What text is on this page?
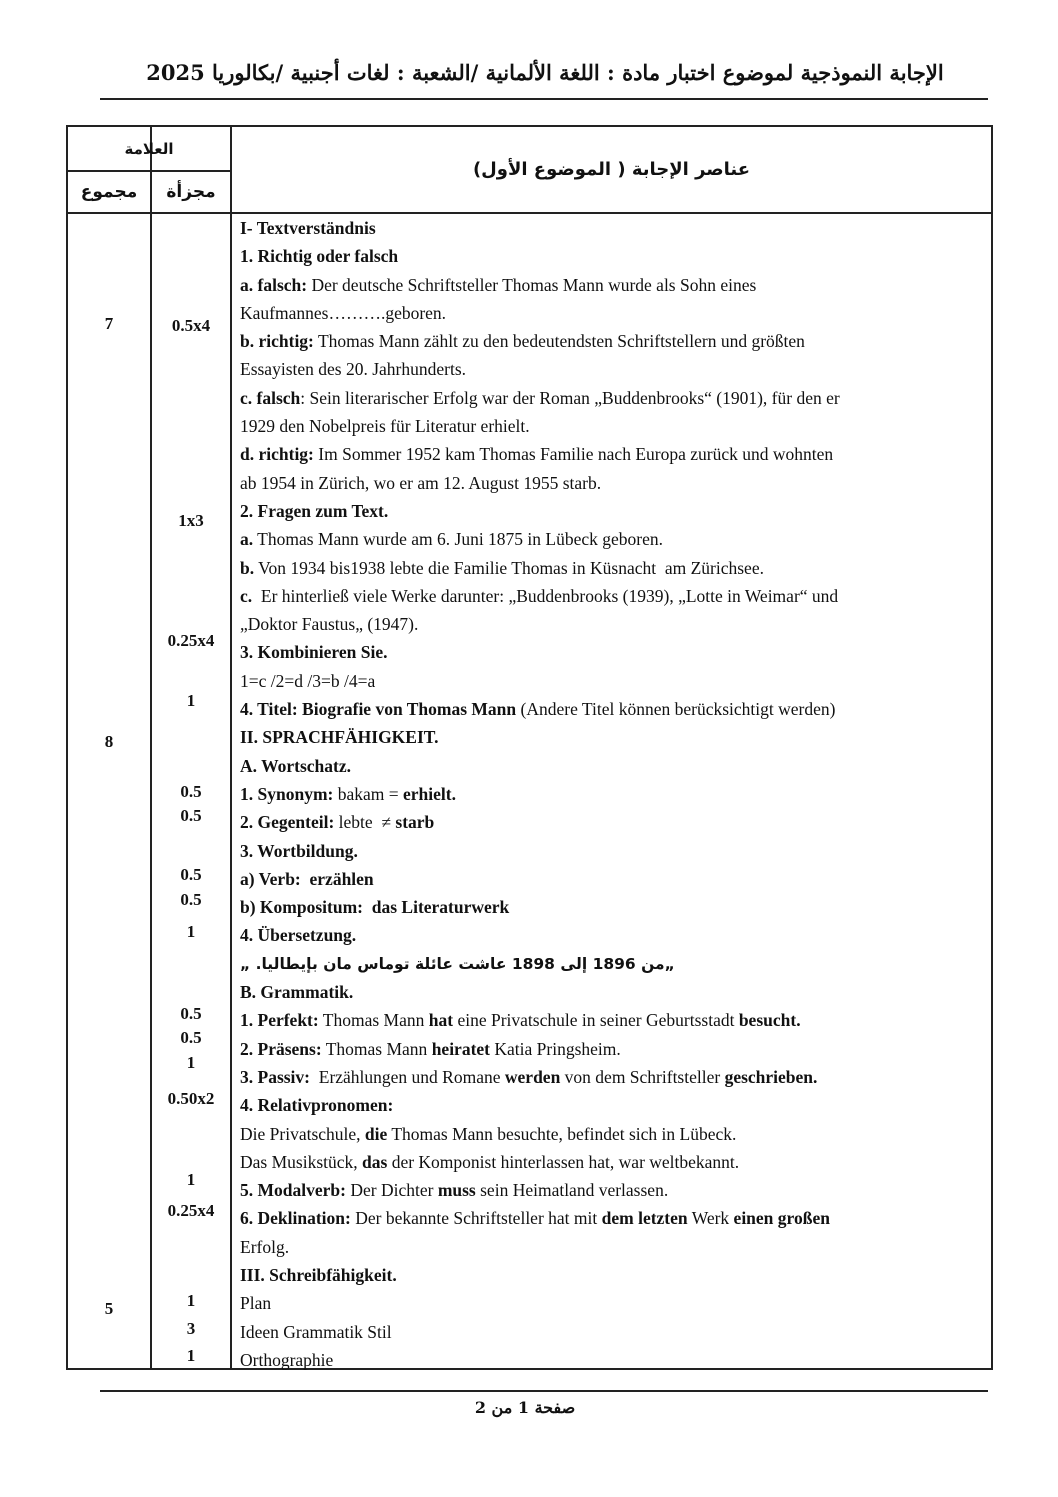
الإجابة النموذجية لموضوع اختبار مادة : اللغة الألمانية /الشعبة : لغات أجنبية /بكالوريا 2025
العلامة
مجموع	مجزأة
عناصر الإجابة ( الموضوع الأول)
7
8
5
0.5x4
1x3
0.25x4
1
0.5
0.5
0.5
0.5
1
0.5
0.5
1
0.50x2
1
0.25x4
1
3
1
I- Textverständnis
1. Richtig oder falsch
a. falsch: Der deutsche Schriftsteller Thomas Mann wurde als Sohn eines
Kaufmannes……….geboren.
b. richtig: Thomas Mann zählt zu den bedeutendsten Schriftstellern und größten
Essayisten des 20. Jahrhunderts.
c. falsch: Sein literarischer Erfolg war der Roman „Buddenbrooks“ (1901), für den er
1929 den Nobelpreis für Literatur erhielt.
d. richtig: Im Sommer 1952 kam Thomas Familie nach Europa zurück und wohnten
ab 1954 in Zürich, wo er am 12. August 1955 starb.
2. Fragen zum Text.
a. Thomas Mann wurde am 6. Juni 1875 in Lübeck geboren.
b. Von 1934 bis1938 lebte die Familie Thomas in Küsnacht  am Zürichsee.
c.  Er hinterließ viele Werke darunter: „Buddenbrooks (1939), „Lotte in Weimar“ und
„Doktor Faustus„ (1947).
3. Kombinieren Sie.
1=c /2=d /3=b /4=a
4. Titel: Biografie von Thomas Mann (Andere Titel können berücksichtigt werden)
II. SPRACHFÄHIGKEIT.
A. Wortschatz.
1. Synonym: bakam = erhielt.
2. Gegenteil: lebte  ≠ starb
3. Wortbildung.
a) Verb:  erzählen
b) Kompositum:  das Literaturwerk
4. Übersetzung.
„من 1896 إلى 1898 عاشت عائلة توماس مان بإيطاليا. „
B. Grammatik.
1. Perfekt: Thomas Mann hat eine Privatschule in seiner Geburtsstadt besucht.
2. Präsens: Thomas Mann heiratet Katia Pringsheim.
3. Passiv:  Erzählungen und Romane werden von dem Schriftsteller geschrieben.
4. Relativpronomen:
Die Privatschule, die Thomas Mann besuchte, befindet sich in Lübeck.
Das Musikstück, das der Komponist hinterlassen hat, war weltbekannt.
5. Modalverb: Der Dichter muss sein Heimatland verlassen.
6. Deklination: Der bekannte Schriftsteller hat mit dem letzten Werk einen großen
Erfolg.
III. Schreibfähigkeit.
Plan
Ideen Grammatik Stil
Orthographie
صفحة 1 من 2
